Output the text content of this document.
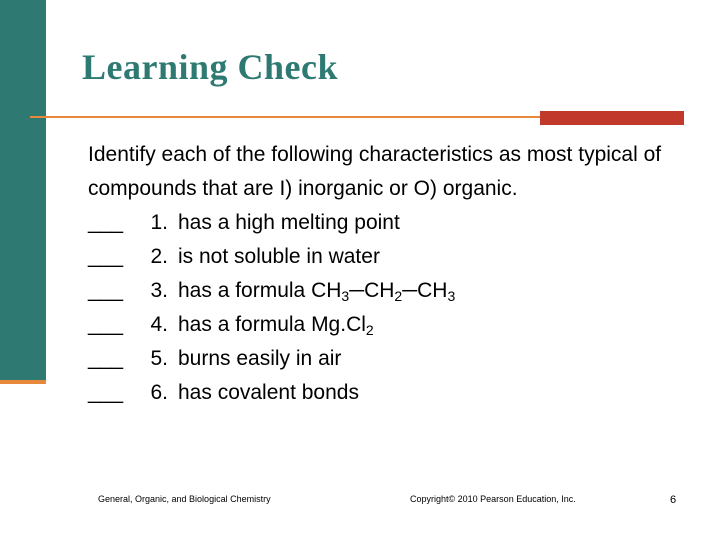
Learning Check
Identify each of the following characteristics as most typical of compounds that are I) inorganic or O) organic.
___	1. has a high melting point
___	2. is not soluble in water
___	3. has a formula $CH_3─CH_2─CH_3$
___	4. has a formula $Mg.Cl_2$
___	5. burns easily in air
___	6. has covalent bonds
General, Organic, and Biological Chemistry	Copyright© 2010 Pearson Education, Inc.	6
